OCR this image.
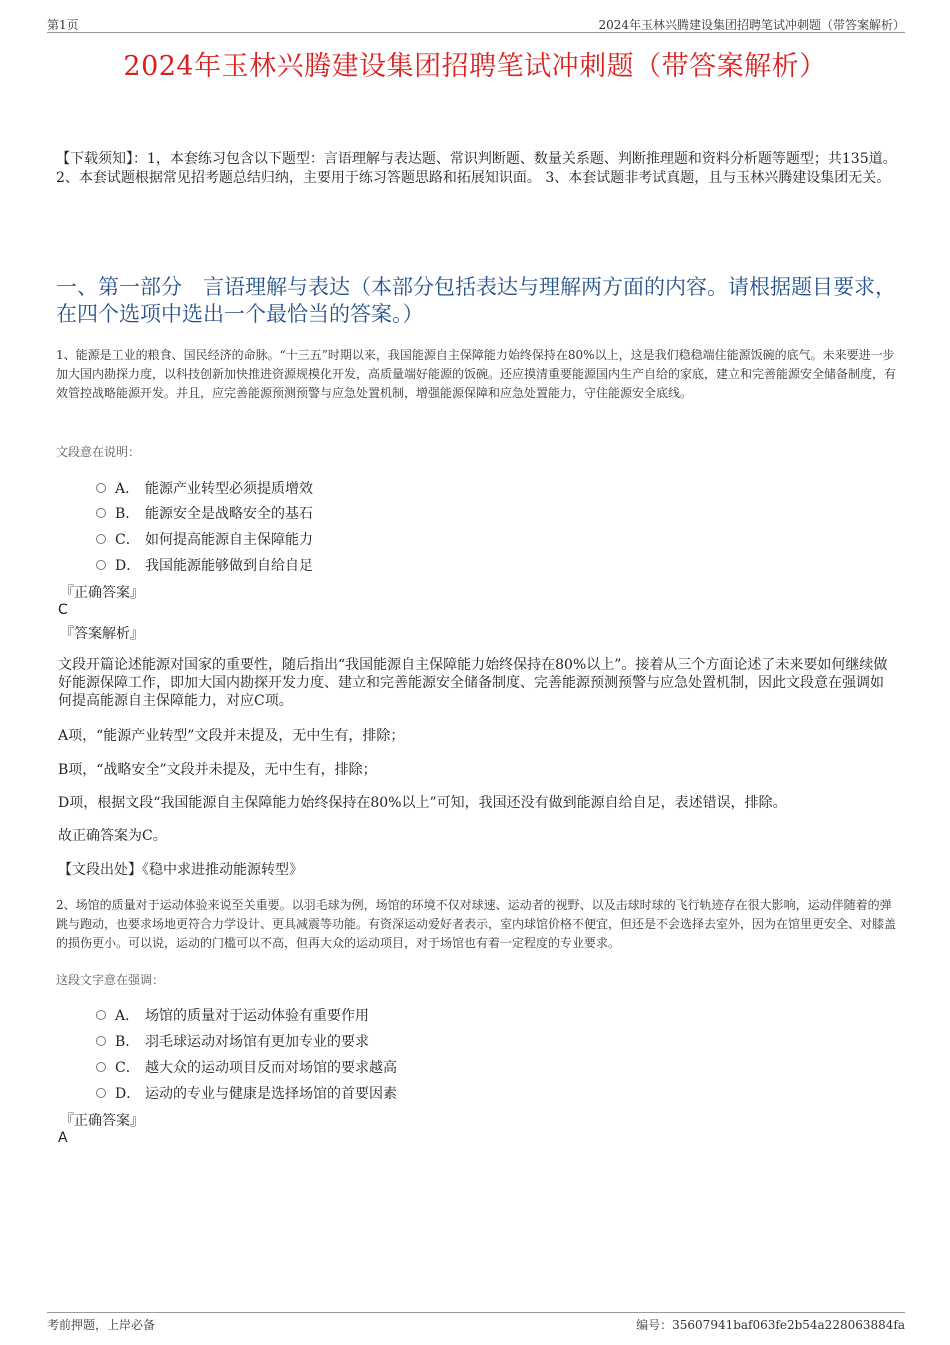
第1页	2024年玉林兴腾建设集团招聘笔试冲刺题（带答案解析）
2024年玉林兴腾建设集团招聘笔试冲刺题（带答案解析）
【下载须知】：1，本套练习包含以下题型：言语理解与表达题、常识判断题、数量关系题、判断推理题和资料分析题等题型；共135道。 2、本套试题根据常见招考题总结归纳，主要用于练习答题思路和拓展知识面。 3、本套试题非考试真题，且与玉林兴腾建设集团无关。
一、第一部分　言语理解与表达（本部分包括表达与理解两方面的内容。请根据题目要求，在四个选项中选出一个最恰当的答案。）
1、能源是工业的粮食、国民经济的命脉。“十三五”时期以来，我国能源自主保障能力始终保持在80%以上，这是我们稳稳端住能源饭碗的底气。未来要进一步加大国内勘探力度，以科技创新加快推进资源规模化开发，高质量端好能源的饭碗。还应摸清重要能源国内生产自给的家底，建立和完善能源安全储备制度，有效管控战略能源开发。并且，应完善能源预测预警与应急处置机制，增强能源保障和应急处置能力，守住能源安全底线。
文段意在说明：
A． 能源产业转型必须提质增效
B． 能源安全是战略安全的基石
C． 如何提高能源自主保障能力
D． 我国能源能够做到自给自足
『正确答案』
C
『答案解析』
文段开篇论述能源对国家的重要性，随后指出“我国能源自主保障能力始终保持在80%以上”。接着从三个方面论述了未来要如何继续做好能源保障工作，即加大国内勘探开发力度、建立和完善能源安全储备制度、完善能源预测预警与应急处置机制，因此文段意在强调如何提高能源自主保障能力，对应C项。
A项，“能源产业转型”文段并未提及，无中生有，排除；
B项，“战略安全”文段并未提及，无中生有，排除；
D项，根据文段“我国能源自主保障能力始终保持在80%以上”可知，我国还没有做到能源自给自足，表述错误，排除。
故正确答案为C。
【文段出处】《稳中求进推动能源转型》
2、场馆的质量对于运动体验来说至关重要。以羽毛球为例，场馆的环境不仅对球速、运动者的视野、以及击球时球的飞行轨迹存在很大影响，运动伴随着的弹跳与跑动，也要求场地更符合力学设计、更具减震等功能。有资深运动爱好者表示，室内球馆价格不便宜，但还是不会选择去室外，因为在馆里更安全、对膝盖的损伤更小。可以说，运动的门槛可以不高，但再大众的运动项目，对于场馆也有着一定程度的专业要求。
这段文字意在强调：
A． 场馆的质量对于运动体验有重要作用
B． 羽毛球运动对场馆有更加专业的要求
C． 越大众的运动项目反而对场馆的要求越高
D． 运动的专业与健康是选择场馆的首要因素
『正确答案』
A
考前押题，上岸必备	编号：35607941baf063fe2b54a228063884fa
